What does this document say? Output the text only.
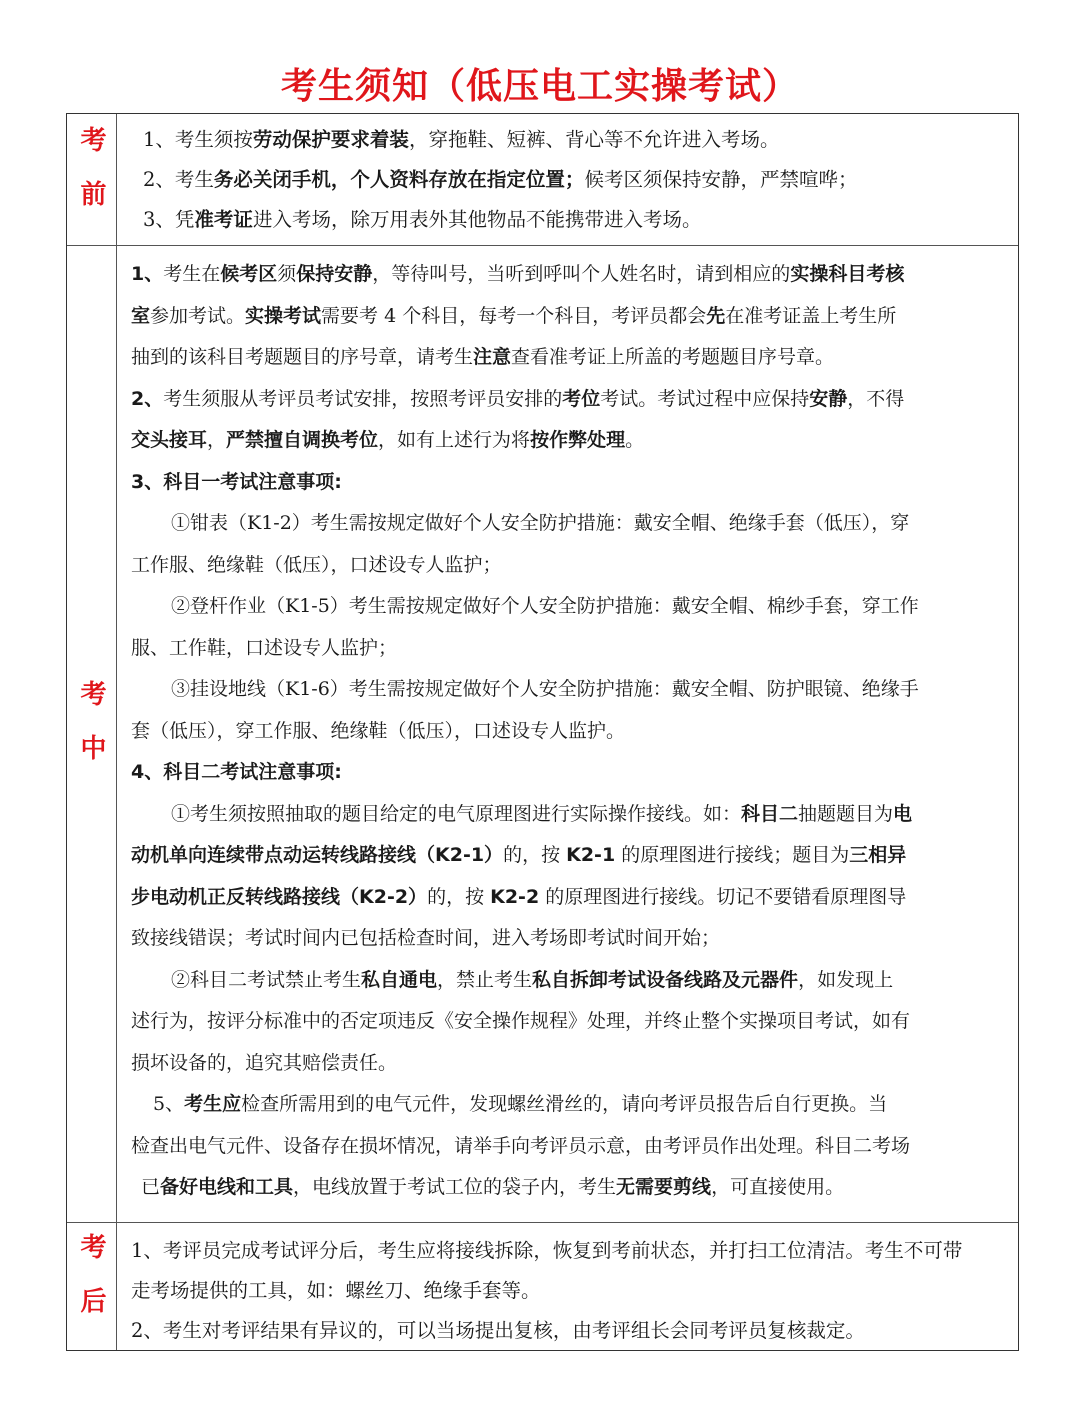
考生须知（低压电工实操考试）
考前	1、考生须按劳动保护要求着装，穿拖鞋、短裤、背心等不允许进入考场。
2、考生务必关闭手机，个人资料存放在指定位置；候考区须保持安静，严禁喧哗；
3、凭准考证进入考场，除万用表外其他物品不能携带进入考场。
考中
1、考生在候考区须保持安静，等待叫号，当听到呼叫个人姓名时，请到相应的实操科目考核
室参加考试。实操考试需要考 4 个科目，每考一个科目，考评员都会先在准考证盖上考生所
抽到的该科目考题题目的序号章，请考生注意查看准考证上所盖的考题题目序号章。
2、考生须服从考评员考试安排，按照考评员安排的考位考试。考试过程中应保持安静，不得
交头接耳，严禁擅自调换考位，如有上述行为将按作弊处理。
3、科目一考试注意事项:
①钳表（K1-2）考生需按规定做好个人安全防护措施：戴安全帽、绝缘手套（低压），穿
工作服、绝缘鞋（低压），口述设专人监护；
②登杆作业（K1-5）考生需按规定做好个人安全防护措施：戴安全帽、棉纱手套，穿工作
服、工作鞋，口述设专人监护；
③挂设地线（K1-6）考生需按规定做好个人安全防护措施：戴安全帽、防护眼镜、绝缘手
套（低压），穿工作服、绝缘鞋（低压），口述设专人监护。
4、科目二考试注意事项:
①考生须按照抽取的题目给定的电气原理图进行实际操作接线。如：科目二抽题题目为电
动机单向连续带点动运转线路接线（K2-1）的，按 K2-1 的原理图进行接线；题目为三相异
步电动机正反转线路接线（K2-2）的，按 K2-2 的原理图进行接线。切记不要错看原理图导
致接线错误；考试时间内已包括检查时间，进入考场即考试时间开始；
②科目二考试禁止考生私自通电，禁止考生私自拆卸考试设备线路及元器件，如发现上
述行为，按评分标准中的否定项违反《安全操作规程》处理，并终止整个实操项目考试，如有
损坏设备的，追究其赔偿责任。
5、考生应检查所需用到的电气元件，发现螺丝滑丝的，请向考评员报告后自行更换。当
检查出电气元件、设备存在损坏情况，请举手向考评员示意，由考评员作出处理。科目二考场
已备好电线和工具，电线放置于考试工位的袋子内，考生无需要剪线，可直接使用。
考后 1、考评员完成考试评分后，考生应将接线拆除，恢复到考前状态，并打扫工位清洁。考生不可带
走考场提供的工具，如：螺丝刀、绝缘手套等。
2、考生对考评结果有异议的，可以当场提出复核，由考评组长会同考评员复核裁定。
